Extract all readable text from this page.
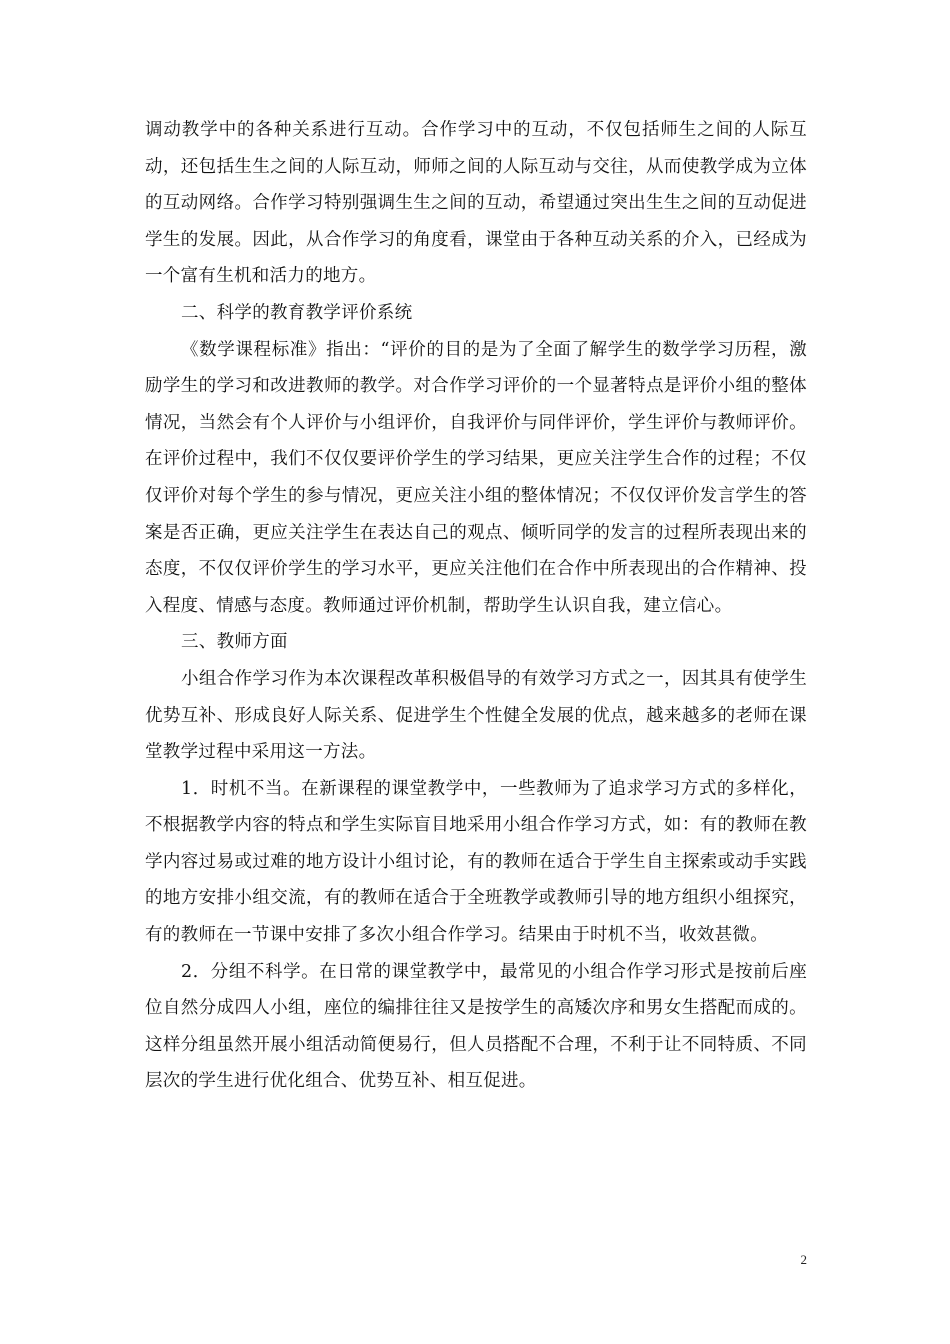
调动教学中的各种关系进行互动。合作学习中的互动，不仅包括师生之间的人际互动，还包括生生之间的人际互动，师师之间的人际互动与交往，从而使教学成为立体的互动网络。合作学习特别强调生生之间的互动，希望通过突出生生之间的互动促进学生的发展。因此，从合作学习的角度看，课堂由于各种互动关系的介入，已经成为一个富有生机和活力的地方。

二、科学的教育教学评价系统

《数学课程标准》指出：“评价的目的是为了全面了解学生的数学学习历程，激励学生的学习和改进教师的教学。对合作学习评价的一个显著特点是评价小组的整体情况，当然会有个人评价与小组评价，自我评价与同伴评价，学生评价与教师评价。在评价过程中，我们不仅仅要评价学生的学习结果，更应关注学生合作的过程；不仅仅评价对每个学生的参与情况，更应关注小组的整体情况；不仅仅评价发言学生的答案是否正确，更应关注学生在表达自己的观点、倾听同学的发言的过程所表现出来的态度，不仅仅评价学生的学习水平，更应关注他们在合作中所表现出的合作精神、投入程度、情感与态度。教师通过评价机制，帮助学生认识自我，建立信心。

三、教师方面

小组合作学习作为本次课程改革积极倡导的有效学习方式之一，因其具有使学生优势互补、形成良好人际关系、促进学生个性健全发展的优点，越来越多的老师在课堂教学过程中采用这一方法。

1．时机不当。在新课程的课堂教学中，一些教师为了追求学习方式的多样化，不根据教学内容的特点和学生实际盲目地采用小组合作学习方式，如：有的教师在教学内容过易或过难的地方设计小组讨论，有的教师在适合于学生自主探索或动手实践的地方安排小组交流，有的教师在适合于全班教学或教师引导的地方组织小组探究，有的教师在一节课中安排了多次小组合作学习。结果由于时机不当，收效甚微。

2．分组不科学。在日常的课堂教学中，最常见的小组合作学习形式是按前后座位自然分成四人小组，座位的编排往往又是按学生的高矮次序和男女生搭配而成的。这样分组虽然开展小组活动简便易行，但人员搭配不合理，不利于让不同特质、不同层次的学生进行优化组合、优势互补、相互促进。

2
